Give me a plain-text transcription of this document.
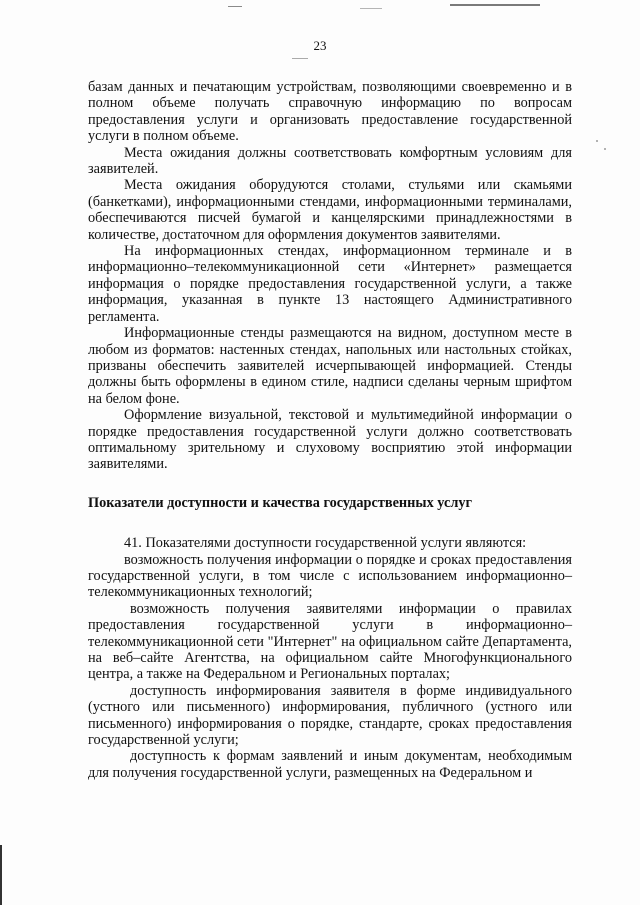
23

базам данных и печатающим устройствам, позволяющими своевременно и в полном объеме получать справочную информацию по вопросам предоставления услуги и организовать предоставление государственной услуги в полном объеме.

Места ожидания должны соответствовать комфортным условиям для заявителей.

Места ожидания оборудуются столами, стульями или скамьями (банкетками), информационными стендами, информационными терминалами, обеспечиваются писчей бумагой и канцелярскими принадлежностями в количестве, достаточном для оформления документов заявителями.

На информационных стендах, информационном терминале и в информационно–телекоммуникационной сети «Интернет» размещается информация о порядке предоставления государственной услуги, а также информация, указанная в пункте 13 настоящего Административного регламента.

Информационные стенды размещаются на видном, доступном месте в любом из форматов: настенных стендах, напольных или настольных стойках, призваны обеспечить заявителей исчерпывающей информацией. Стенды должны быть оформлены в едином стиле, надписи сделаны черным шрифтом на белом фоне.

Оформление визуальной, текстовой и мультимедийной информации о порядке предоставления государственной услуги должно соответствовать оптимальному зрительному и слуховому восприятию этой информации заявителями.

Показатели доступности и качества государственных услуг

41. Показателями доступности государственной услуги являются:

возможность получения информации о порядке и сроках предоставления государственной услуги, в том числе с использованием информационно–телекоммуникационных технологий;

возможность получения заявителями информации о правилах предоставления государственной услуги в информационно–телекоммуникационной сети "Интернет" на официальном сайте Департамента, на веб–сайте Агентства, на официальном сайте Многофункционального центра, а также на Федеральном и Региональных порталах;

доступность информирования заявителя в форме индивидуального (устного или письменного) информирования, публичного (устного или письменного) информирования о порядке, стандарте, сроках предоставления государственной услуги;

доступность к формам заявлений и иным документам, необходимым для получения государственной услуги, размещенных на Федеральном и
